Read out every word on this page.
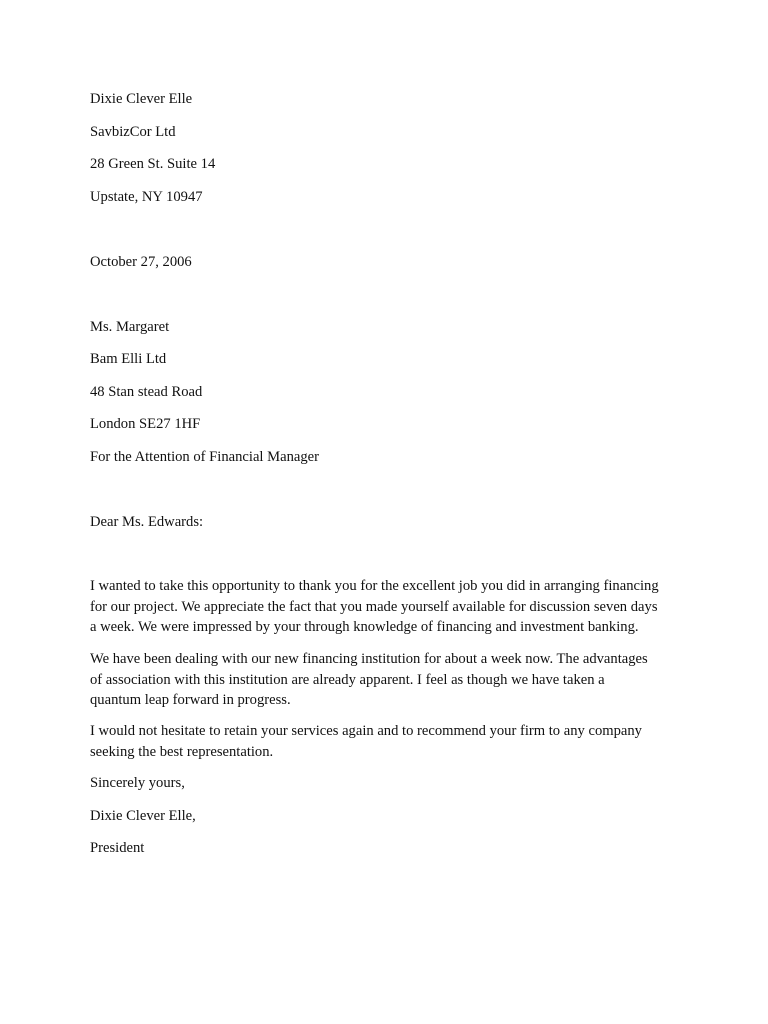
Dixie Clever Elle

SavbizCor Ltd

28 Green St. Suite 14

Upstate, NY 10947

October 27, 2006

Ms. Margaret

Bam Elli Ltd

48 Stan stead Road

London SE27 1HF

For the Attention of Financial Manager

Dear Ms. Edwards:

I wanted to take this opportunity to thank you for the excellent job you did in arranging financing
for our project. We appreciate the fact that you made yourself available for discussion seven days
a week. We were impressed by your through knowledge of financing and investment banking.
We have been dealing with our new financing institution for about a week now. The advantages
of association with this institution are already apparent. I feel as though we have taken a
quantum leap forward in progress.
I would not hesitate to retain your services again and to recommend your firm to any company
seeking the best representation.

Sincerely yours,

Dixie Clever Elle,

President
